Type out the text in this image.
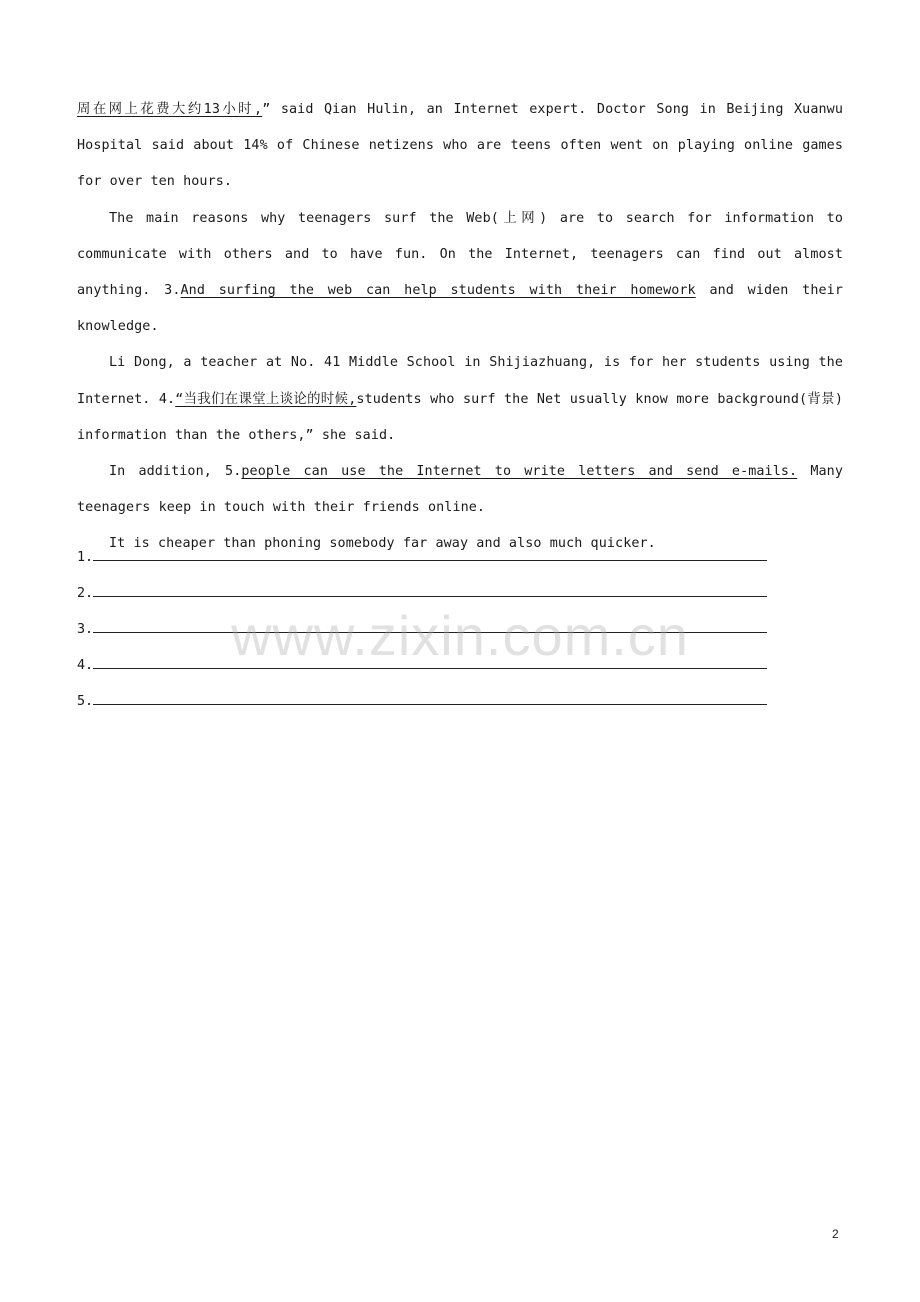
周在网上花费大约13小时,” said Qian Hulin, an Internet expert. Doctor Song in Beijing Xuanwu Hospital said about 14% of Chinese netizens who are teens often went on playing online games for over ten hours.

The main reasons why teenagers surf the Web(上网) are to search for information to communicate with others and to have fun. On the Internet, teenagers can find out almost anything. 3.And surfing the web can help students with their homework and widen their knowledge.

Li Dong, a teacher at No. 41 Middle School in Shijiazhuang, is for her students using the Internet. 4.“当我们在课堂上谈论的时候,students who surf the Net usually know more background(背景) information than the others,” she said.

In addition, 5.people can use the Internet to write letters and send e-mails. Many teenagers keep in touch with their friends online.

It is cheaper than phoning somebody far away and also much quicker.

1.
2.
3.
4.
5.
www.zixin.com.cn
2
